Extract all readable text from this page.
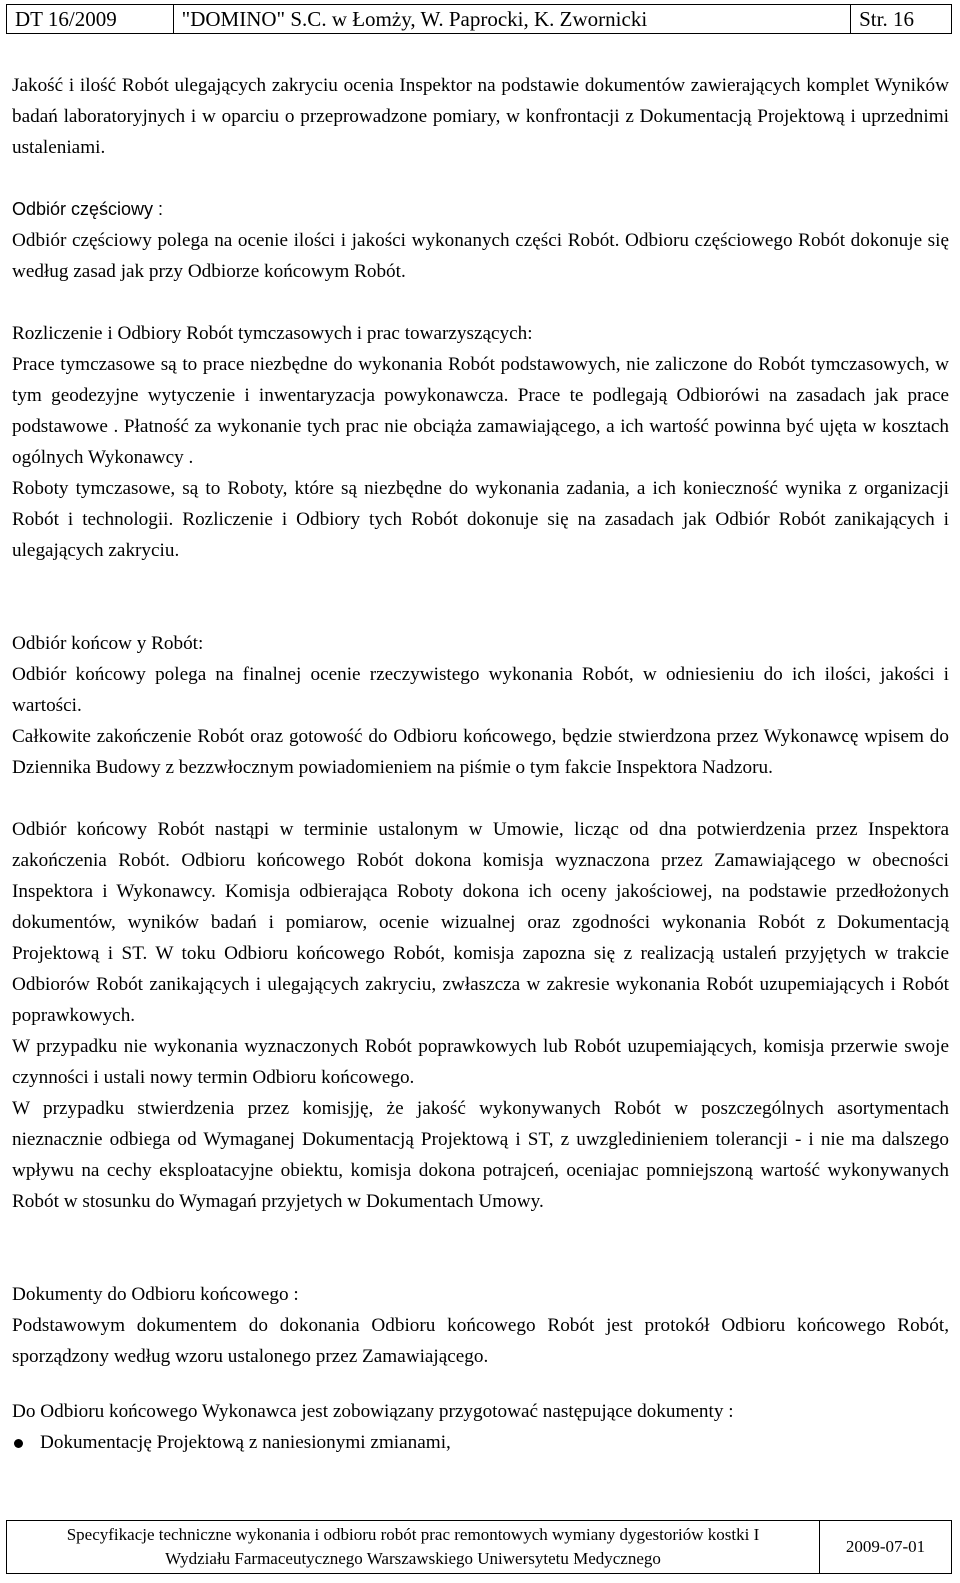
DT 16/2009	"DOMINO" S.C. w Łomży, W. Paprocki, K. Zwornicki	Str. 16

Jakość i ilość Robót ulegających zakryciu ocenia Inspektor na podstawie dokumentów zawierających komplet Wyników badań laboratoryjnych i w oparciu o przeprowadzone pomiary, w konfrontacji z Dokumentacją Projektową i uprzednimi ustaleniami.

Odbiór częściowy :

Odbiór częściowy polega na ocenie ilości i jakości wykonanych części Robót. Odbioru częściowego Robót dokonuje się według zasad jak przy Odbiorze końcowym Robót.

Rozliczenie i Odbiory Robót tymczasowych i prac towarzyszących:

Prace tymczasowe są to prace niezbędne do wykonania Robót podstawowych, nie zaliczone do Robót tymczasowych, w tym geodezyjne wytyczenie i inwentaryzacja powykonawcza. Prace te podlegają Odbiorówi na zasadach jak prace podstawowe . Płatność za wykonanie tych prac nie obciąża zamawiającego, a ich wartość powinna być ujęta w kosztach ogólnych Wykonawcy .

Roboty tymczasowe, są to Roboty, które są niezbędne do wykonania zadania, a ich konieczność wynika z organizacji Robót i technologii. Rozliczenie i Odbiory tych Robót dokonuje się na zasadach jak Odbiór Robót zanikających i ulegających zakryciu.

Odbiór końcow y Robót:

Odbiór końcowy polega na finalnej ocenie rzeczywistego wykonania Robót, w odniesieniu do ich ilości, jakości i wartości.

Całkowite zakończenie Robót oraz gotowość do Odbioru końcowego, będzie stwierdzona przez Wykonawcę wpisem do Dziennika Budowy z bezzwłocznym powiadomieniem na piśmie o tym fakcie Inspektora Nadzoru.

Odbiór końcowy Robót nastąpi w terminie ustalonym w Umowie, licząc od dna potwierdzenia przez Inspektora zakończenia Robót. Odbioru końcowego Robót dokona komisja wyznaczona przez Zamawiającego w obecności Inspektora i Wykonawcy. Komisja odbierająca Roboty dokona ich oceny jakościowej, na podstawie przedłożonych dokumentów, wyników badań i pomiarow, ocenie wizualnej oraz zgodności wykonania Robót z Dokumentacją Projektową i ST. W toku Odbioru końcowego Robót, komisja zapozna się z realizacją ustaleń przyjętych w trakcie Odbiorów Robót zanikających i ulegających zakryciu, zwłaszcza w zakresie wykonania Robót uzupemiających i Robót poprawkowych.

W przypadku nie wykonania wyznaczonych Robót poprawkowych lub Robót uzupemiających, komisja przerwie swoje czynności i ustali nowy termin Odbioru końcowego.

W przypadku stwierdzenia przez komisjję, że jakość wykonywanych Robót w poszczególnych asortymentach nieznacznie odbiega od Wymaganej Dokumentacją Projektową i ST, z uwzgledinieniem tolerancji - i nie ma dalszego wpływu na cechy eksploatacyjne obiektu, komisja dokona potrajceń, oceniajac pomniejszoną wartość wykonywanych Robót w stosunku do Wymagań przyjetych w Dokumentach Umowy.

Dokumenty do Odbioru końcowego :

Podstawowym dokumentem do dokonania Odbioru końcowego Robót jest protokół Odbioru końcowego Robót, sporządzony według wzoru ustalonego przez Zamawiającego.

Do Odbioru końcowego Wykonawca jest zobowiązany przygotować następujące dokumenty :

Dokumentację Projektową z naniesionymi zmianami,
Specyfikacje techniczne wykonania i odbioru robót prac remontowych wymiany dygestoriów kostki I
Wydziału Farmaceutycznego Warszawskiego Uniwersytetu Medycznego
	2009-07-01
